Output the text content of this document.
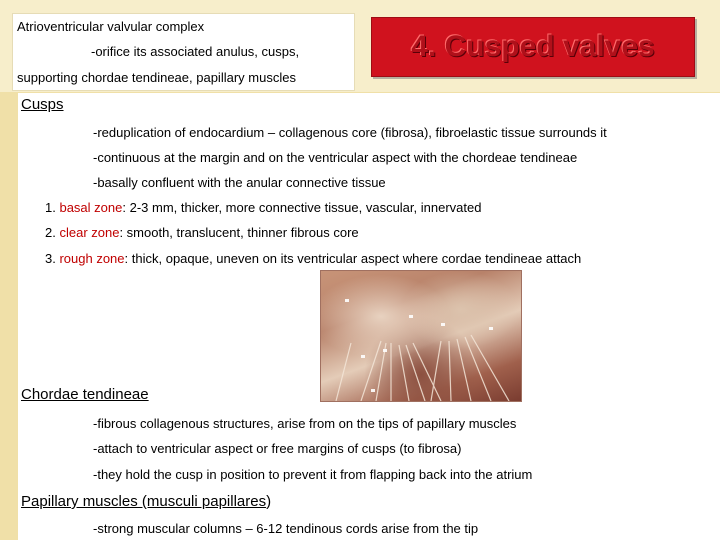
Atrioventricular valvular complex
-orifice its associated anulus, cusps,
supporting chordae tendineae, papillary muscles
4. Cusped valves
Cusps
-reduplication of endocardium – collagenous core (fibrosa), fibroelastic tissue surrounds it
-continuous at the margin and on the ventricular aspect with the chordeae tendineae
-basally confluent with the anular connective tissue
1. basal zone: 2-3 mm, thicker, more connective tissue, vascular, innervated
2. clear zone: smooth, translucent, thinner fibrous core
3. rough zone: thick, opaque, uneven on its ventricular aspect where cordae tendineae attach
Chordae tendineae
-fibrous collagenous structures, arise from on the tips of papillary muscles
-attach to ventricular aspect or free margins of cusps (to fibrosa)
-they hold the cusp in position to prevent it from flapping back into the atrium
Papillary muscles (musculi papillares)
-strong muscular columns – 6-12 tendinous cords arise from the tip
